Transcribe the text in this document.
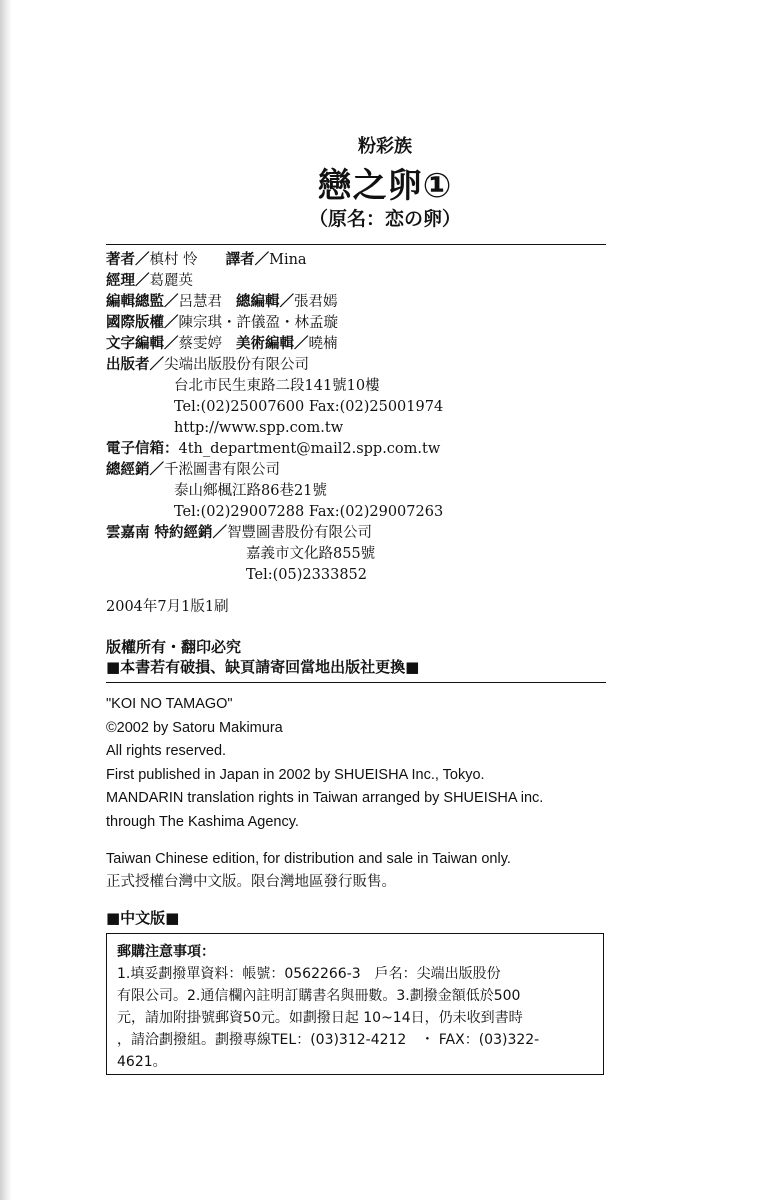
粉彩族
戀之卵①
（原名：恋の卵）
著者／槙村 怜 譯者／Mina
經理／葛麗英
編輯總監／呂慧君 總編輯／張君嫣
國際版權／陳宗琪・許儀盈・林孟璇
文字編輯／蔡雯婷 美術編輯／曉楠
出版者／尖端出版股份有限公司
台北市民生東路二段141號10樓
Tel:(02)25007600 Fax:(02)25001974
http://www.spp.com.tw
電子信箱：4th_department@mail2.spp.com.tw
總經銷／千淞圖書有限公司
泰山鄉楓江路86巷21號
Tel:(02)29007288 Fax:(02)29007263
雲嘉南 特約經銷／智豐圖書股份有限公司
嘉義市文化路855號
Tel:(05)2333852
2004年7月1版1刷
版權所有・翻印必究
■本書若有破損、缺頁請寄回當地出版社更換■
"KOI NO TAMAGO"
©2002 by Satoru Makimura
All rights reserved.
First published in Japan in 2002 by SHUEISHA Inc., Tokyo.
MANDARIN translation rights in Taiwan arranged by SHUEISHA inc.
through The Kashima Agency.
Taiwan Chinese edition, for distribution and sale in Taiwan only.
正式授權台灣中文版。限台灣地區發行販售。
■中文版■
郵購注意事項：
1.填妥劃撥單資料：帳號：0562266-3　戶名：尖端出版股份
有限公司。2.通信欄內註明訂購書名與冊數。3.劃撥金額低於500
元，請加附掛號郵資50元。如劃撥日起 10~14日，仍未收到書時
，請洽劃撥組。劃撥專線TEL：(03)312-4212　・ FAX：(03)322-
4621。
